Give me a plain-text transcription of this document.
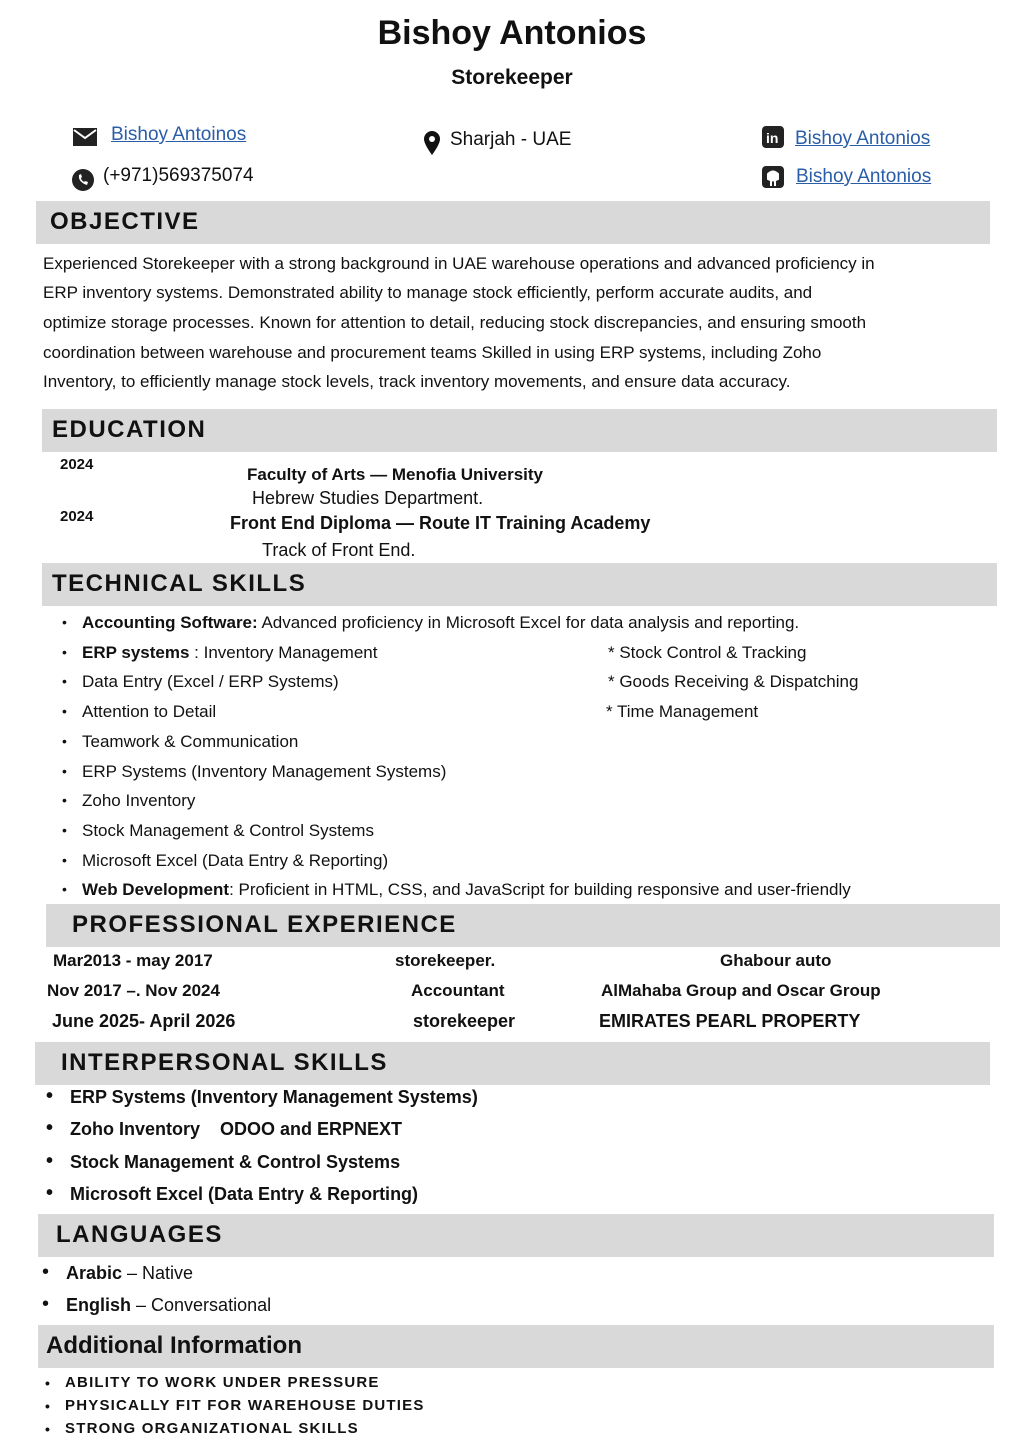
Bishoy Antonios
Storekeeper
Bishoy Antoinos
(+971)569375074
Sharjah - UAE	in Bishoy Antonios
Bishoy Antonios
OBJECTIVE
Experienced Storekeeper with a strong background in UAE warehouse operations and advanced proficiency in
ERP inventory systems. Demonstrated ability to manage stock efficiently, perform accurate audits, and
optimize storage processes. Known for attention to detail, reducing stock discrepancies, and ensuring smooth
coordination between warehouse and procurement teams Skilled in using ERP systems, including Zoho
Inventory, to efficiently manage stock levels, track inventory movements, and ensure data accuracy.
EDUCATION
2024
Faculty of Arts — Menofia University
Hebrew Studies Department.
2024	Front End Diploma — Route IT Training Academy
Track of Front End.
TECHNICAL SKILLS
• Accounting Software: Advanced proficiency in Microsoft Excel for data analysis and reporting.
• ERP systems : Inventory Management
• Data Entry (Excel / ERP Systems)
• Attention to Detail
• Teamwork & Communication
• ERP Systems (Inventory Management Systems)
• Zoho Inventory
• Stock Management & Control Systems
• Microsoft Excel (Data Entry & Reporting)
• Web Development: Proficient in HTML, CSS, and JavaScript for building responsive and user-friendly
* Stock Control & Tracking
* Goods Receiving & Dispatching
* Time Management
PROFESSIONAL EXPERIENCE
Mar2013 - may 2017	storekeeper.	Ghabour auto
Nov 2017 –. Nov 2024	Accountant	AlMahaba Group and Oscar Group
June 2025- April 2026	storekeeper	EMIRATES PEARL PROPERTY
INTERPERSONAL SKILLS
• ERP Systems (Inventory Management Systems)
• Zoho Inventory    ODOO and ERPNEXT
• Stock Management & Control Systems
• Microsoft Excel (Data Entry & Reporting)
LANGUAGES
• Arabic – Native
• English – Conversational
Additional Information
• ABILITY TO WORK UNDER PRESSURE
• PHYSICALLY FIT FOR WAREHOUSE DUTIES
• STRONG ORGANIZATIONAL SKILLS
